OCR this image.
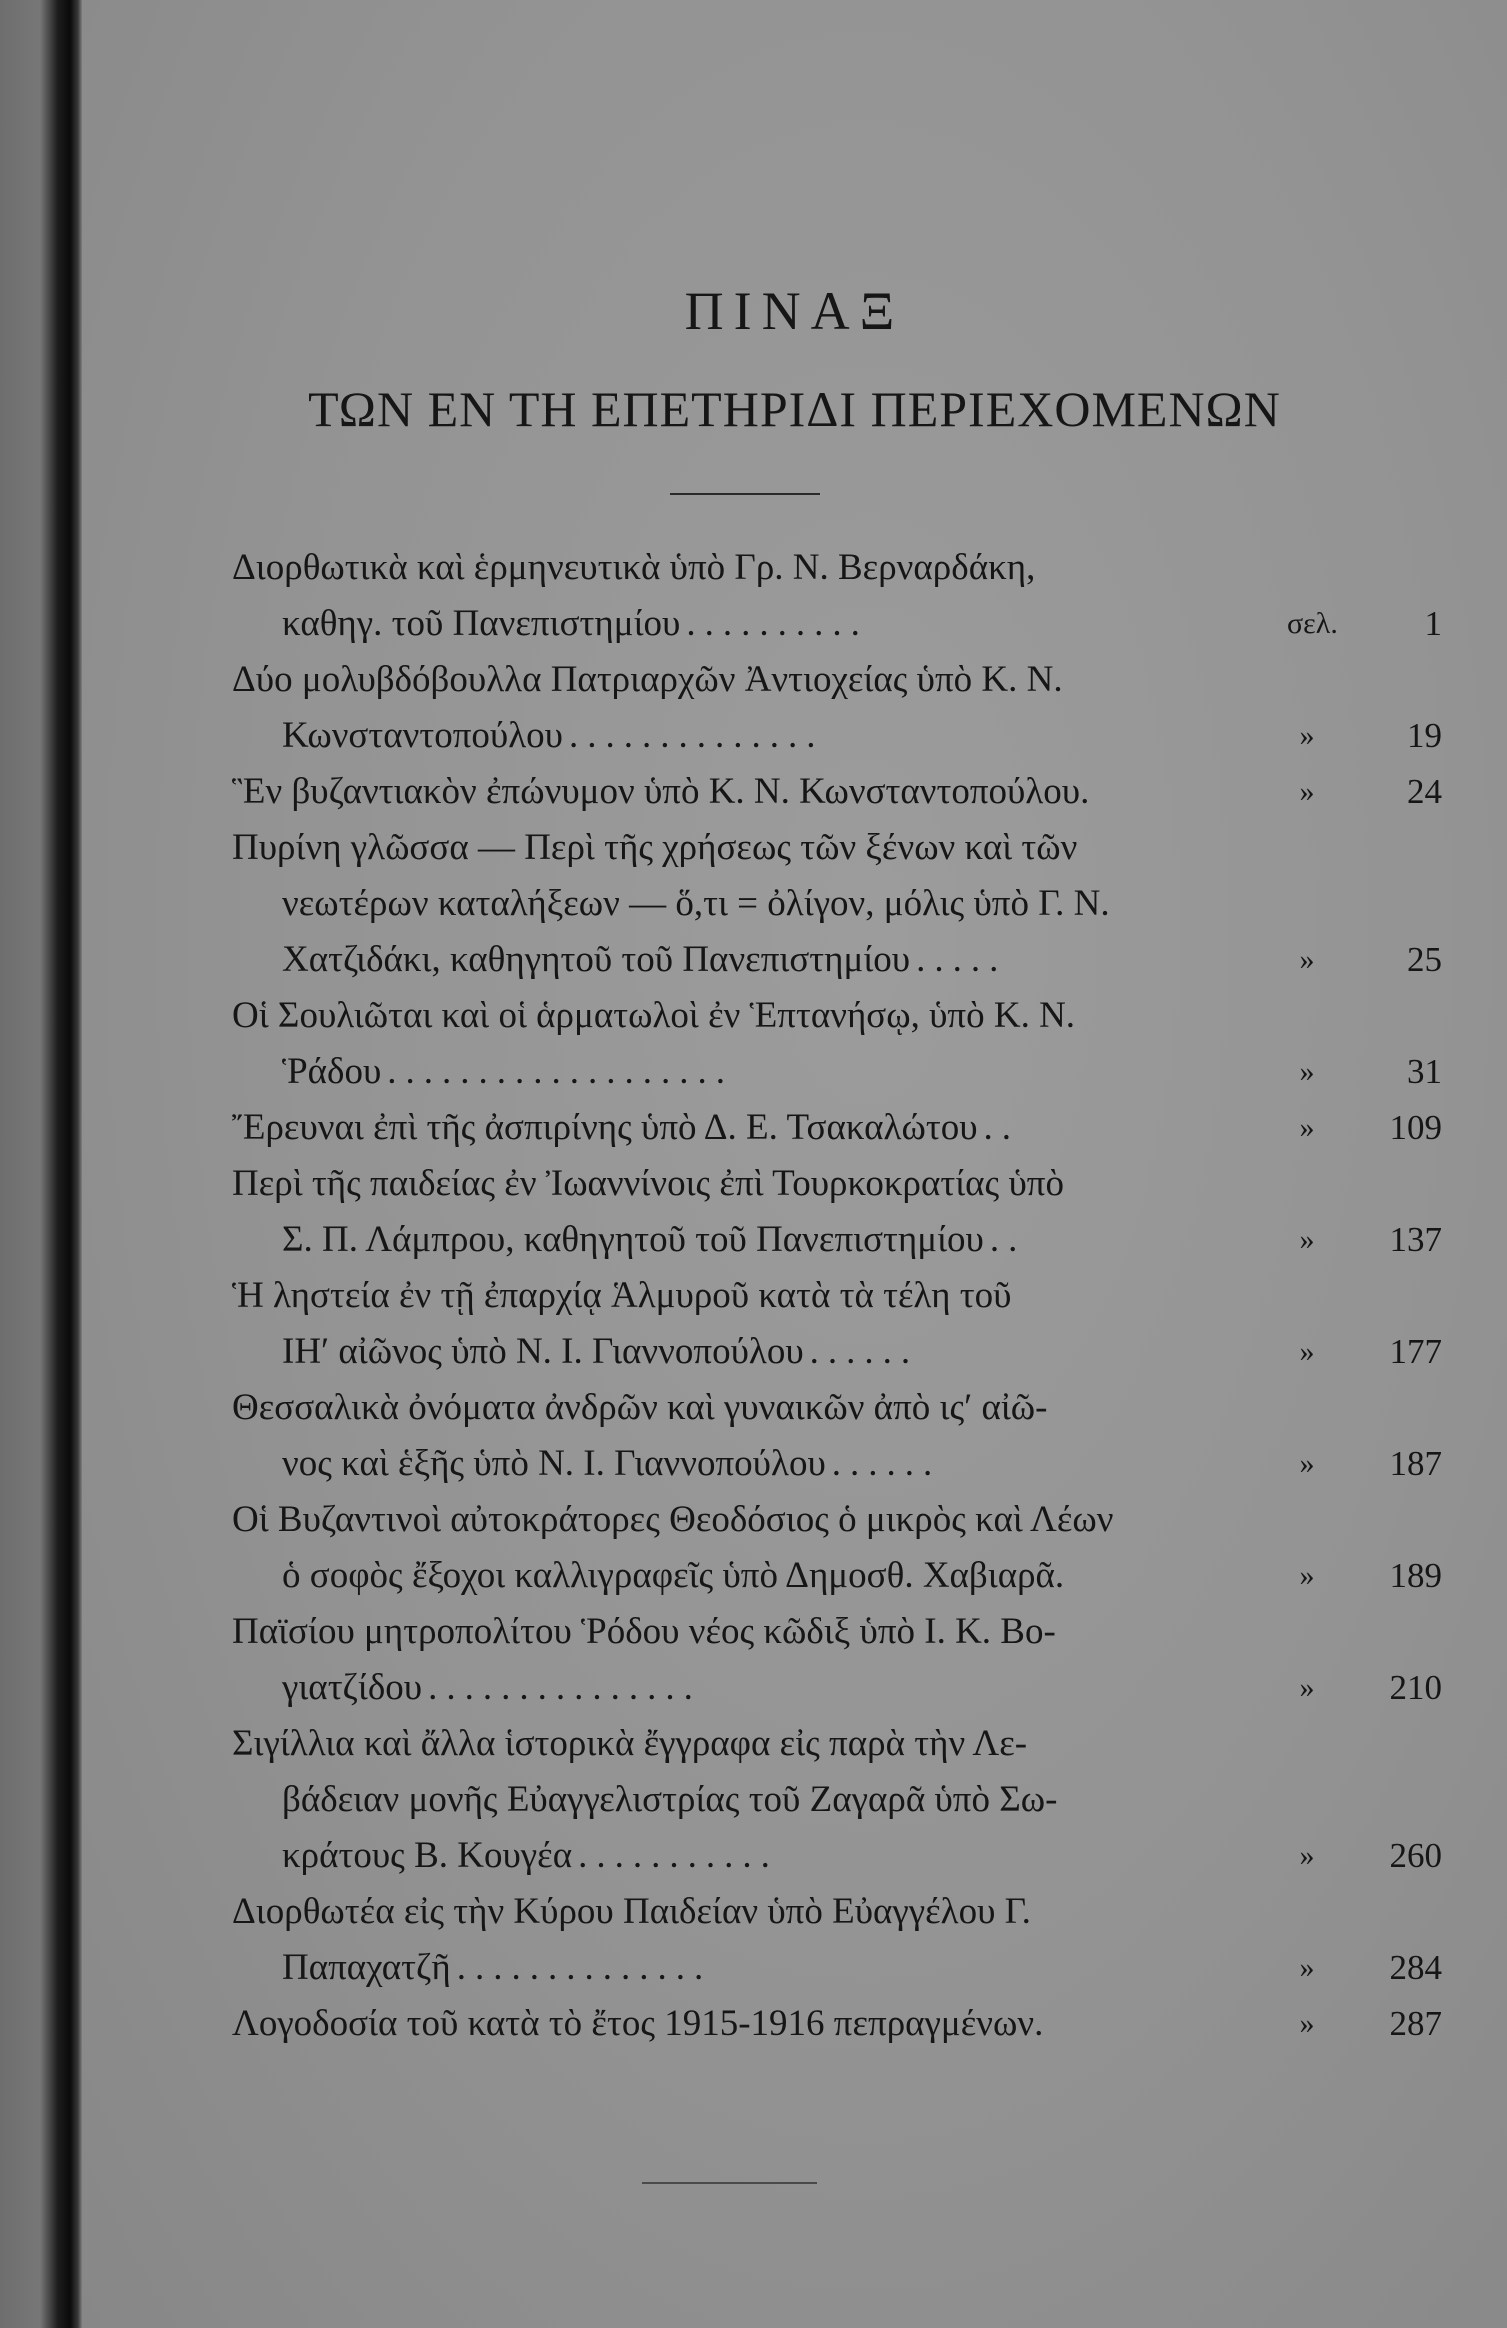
ΠΙΝΑΞ
ΤΩΝ ΕΝ ΤΗ ΕΠΕΤΗΡΙΔΙ ΠΕΡΙΕΧΟΜΕΝΩΝ
Διορθωτικὰ καὶ ἑρμηνευτικὰ ὑπὸ Γρ. Ν. Βερναρδάκη,
καθηγ. τοῦ Πανεπιστημίου ..........	σελ.	1
Δύο μολυβδόβουλλα Πατριαρχῶν Ἀντιοχείας ὑπὸ Κ. Ν.
Κωνσταντοπούλου ..............	»	19
Ἓν βυζαντιακὸν ἐπώνυμον ὑπὸ Κ. Ν. Κωνσταντοπούλου.	»	24
Πυρίνη γλῶσσα — Περὶ τῆς χρήσεως τῶν ξένων καὶ τῶν
νεωτέρων καταλήξεων — ὅ,τι = ὀλίγον, μόλις ὑπὸ Γ. Ν.
Χατζιδάκι, καθηγητοῦ τοῦ Πανεπιστημίου .....	»	25
Οἱ Σουλιῶται καὶ οἱ ἁρματωλοὶ ἐν Ἑπτανήσῳ, ὑπὸ Κ. Ν.
Ῥάδου ...................	»	31
Ἔρευναι ἐπὶ τῆς ἀσπιρίνης ὑπὸ Δ. Ε. Τσακαλώτου ..	»	109
Περὶ τῆς παιδείας ἐν Ἰωαννίνοις ἐπὶ Τουρκοκρατίας ὑπὸ
Σ. Π. Λάμπρου, καθηγητοῦ τοῦ Πανεπιστημίου ..	»	137
Ἡ ληστεία ἐν τῇ ἐπαρχίᾳ Ἁλμυροῦ κατὰ τὰ τέλη τοῦ
ΙΗ′ αἰῶνος ὑπὸ Ν. Ι. Γιαννοπούλου ......	»	177
Θεσσαλικὰ ὀνόματα ἀνδρῶν καὶ γυναικῶν ἀπὸ ις′ αἰῶ-
νος καὶ ἑξῆς ὑπὸ Ν. Ι. Γιαννοπούλου ......	»	187
Οἱ Βυζαντινοὶ αὐτοκράτορες Θεοδόσιος ὁ μικρὸς καὶ Λέων
ὁ σοφὸς ἔξοχοι καλλιγραφεῖς ὑπὸ Δημοσθ. Χαβιαρᾶ.	»	189
Παϊσίου μητροπολίτου Ῥόδου νέος κῶδιξ ὑπὸ Ι. Κ. Βο-
γιατζίδου ...............	»	210
Σιγίλλια καὶ ἄλλα ἱστορικὰ ἔγγραφα εἰς παρὰ τὴν Λε-
βάδειαν μονῆς Εὐαγγελιστρίας τοῦ Ζαγαρᾶ ὑπὸ Σω-
κράτους Β. Κουγέα ...........	»	260
Διορθωτέα εἰς τὴν Κύρου Παιδείαν ὑπὸ Εὐαγγέλου Γ.
Παπαχατζῆ ..............	»	284
Λογοδοσία τοῦ κατὰ τὸ ἔτος 1915-1916 πεπραγμένων.	»	287
